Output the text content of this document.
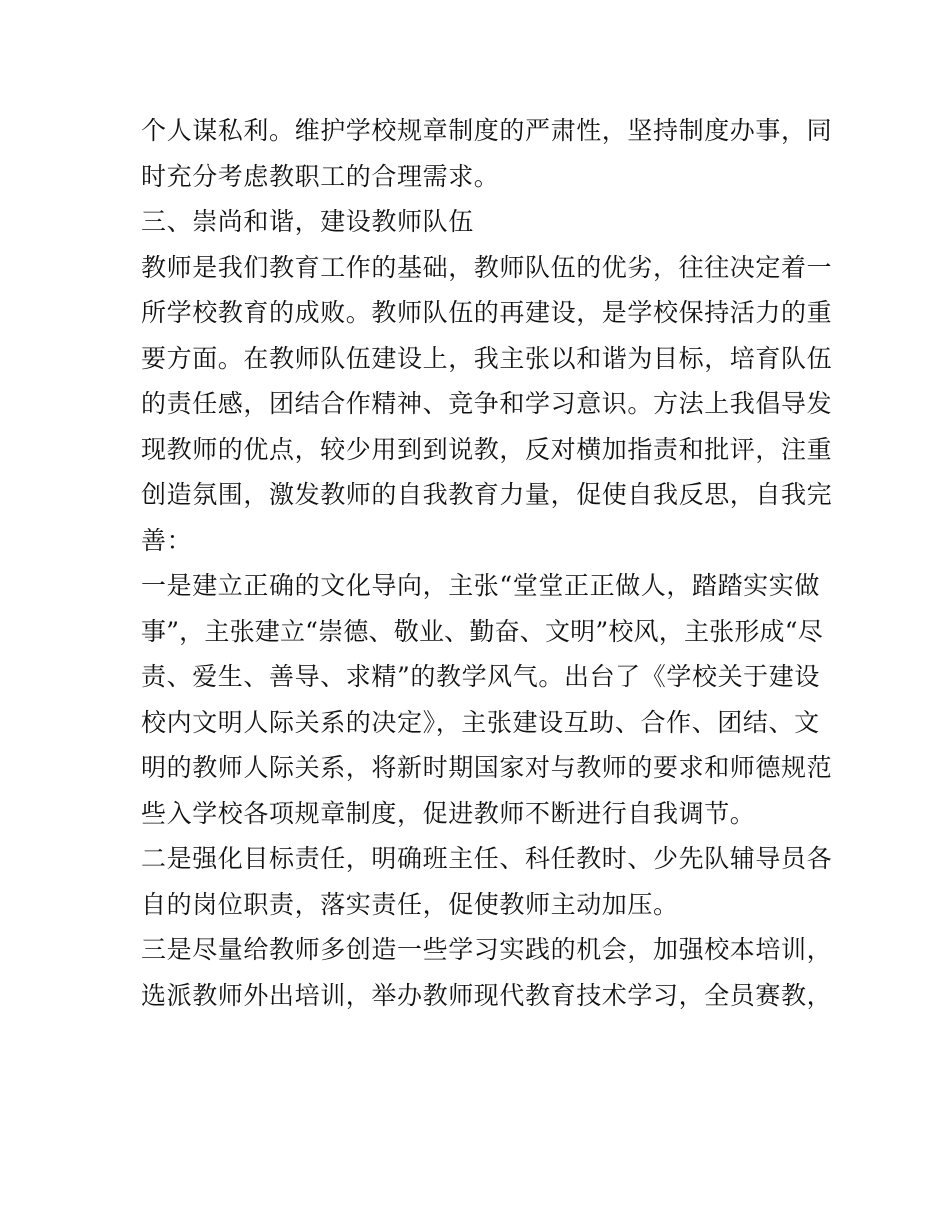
个人谋私利。维护学校规章制度的严肃性，坚持制度办事，同
时充分考虑教职工的合理需求。
三、崇尚和谐，建设教师队伍
教师是我们教育工作的基础，教师队伍的优劣，往往决定着一
所学校教育的成败。教师队伍的再建设，是学校保持活力的重
要方面。在教师队伍建设上，我主张以和谐为目标，培育队伍
的责任感，团结合作精神、竞争和学习意识。方法上我倡导发
现教师的优点，较少用到到说教，反对横加指责和批评，注重
创造氛围，激发教师的自我教育力量，促使自我反思，自我完
善：
一是建立正确的文化导向，主张“堂堂正正做人，踏踏实实做
事”，主张建立“崇德、敬业、勤奋、文明”校风，主张形成“尽
责、爱生、善导、求精”的教学风气。出台了《学校关于建设
校内文明人际关系的决定》，主张建设互助、合作、团结、文
明的教师人际关系，将新时期国家对与教师的要求和师德规范
些入学校各项规章制度，促进教师不断进行自我调节。
二是强化目标责任，明确班主任、科任教时、少先队辅导员各
自的岗位职责，落实责任，促使教师主动加压。
三是尽量给教师多创造一些学习实践的机会，加强校本培训，
选派教师外出培训，举办教师现代教育技术学习，全员赛教，
